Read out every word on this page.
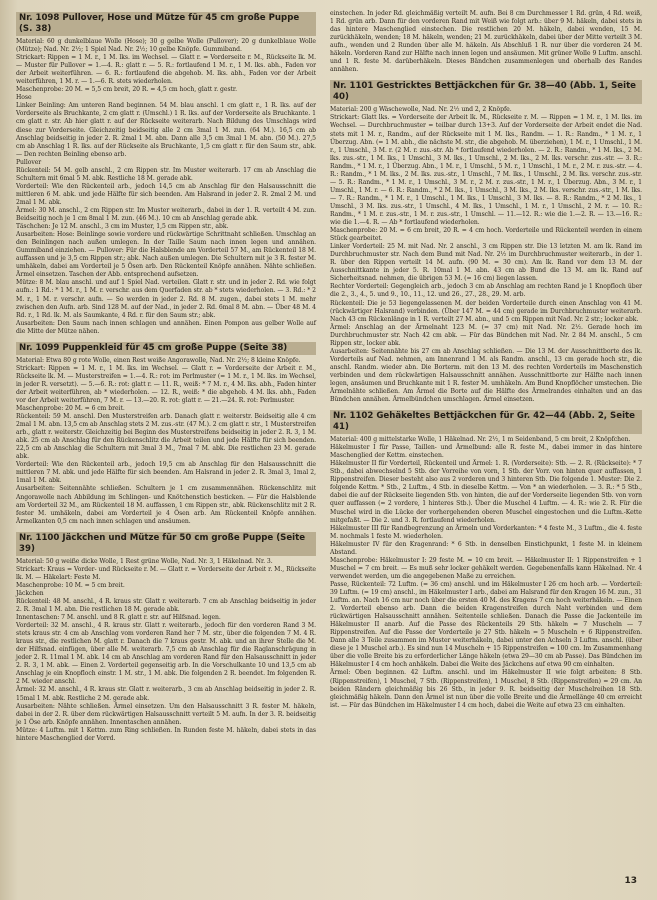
Nr. 1098 Pullover, Hose und Mütze für 45 cm große Puppe (S. 38)

Material: 60 g dunkelblaue Wolle (Hose); 30 g gelbe Wolle (Pullover); 20 g dunkelblaue Wolle (Mütze); Nad. Nr. 2½; 1 Spiel Nad. Nr. 2½; 10 gelbe Knöpfe. Gummiband.

Strickart: Rippen = 1 M. r., 1 M. lks. im Wechsel. — Glatt r. = Vorderseite r. M., Rückseite lk. M. — Muster für Pullover = 1.—4. R.: glatt r. — 5. R.: fortlaufend 1 M. r., 1 M. lks. abh., Faden vor der Arbeit weiterführen. — 6. R.: fortlaufend die abgehob. M. lks. abh., Faden vor der Arbeit weiterführen, 1 M. r. — 1.—6. R. stets wiederholen.

Maschenprobe: 20 M. = 5,5 cm breit, 20 R. = 4,5 cm hoch, glatt r. gestr.

Hose

Linker Beinling: Am unteren Rand beginnen. 54 M. blau anschl. 1 cm glatt r., 1 R. lks. auf der Vorderseite als Bruchkante, 2 cm glatt r. (Umschl.) 1 R. lks. auf der Vorderseite als Bruchkante. 1 cm glatt r. str. Ab hier glatt r. auf der Rückseite weiterarb. Nach Bildung des Umschlags wird diese zur Vorderseite. Gleichzeitig beidseitig alle 2 cm 3mal 1 M. zun. (64 M.). 16,5 cm ab Anschlag beidseitig in jeder 2. R. 2mal 1 M. abn. Dann alle 3,5 cm 3mal 1 M. abn. (50 M.). 27,5 cm ab Anschlag 1 R. lks. auf der Rückseite als Bruchkante, 1,5 cm glatt r. für den Saum str., abk. — Den rechten Beinling ebenso arb.

Pullover

Rückenteil: 54 M. gelb anschl., 2 cm Rippen str. Im Muster weiterarb. 17 cm ab Anschlag die Schultern mit 6mal 5 M. abk. Restliche 18 M. gerade abk.

Vorderteil: Wie den Rückenteil arb., jedoch 14,5 cm ab Anschlag für den Halsausschnitt die mittleren 6 M. abk. und jede Hälfte für sich beenden. Am Halsrand in jeder 2. R. 2mal 2 M. und 2mal 1 M. abk.

Ärmel: 30 M. anschl., 2 cm Rippen str. Im Muster weiterarb., dabei in der 1. R. verteilt 4 M. zun. Beidseitig noch je 1 cm 8mal 1 M. zun. (46 M.). 10 cm ab Anschlag gerade abk.

Täschchen: Je 12 M. anschl., 3 cm im Muster, 1,5 cm Rippen str., abk.

Ausarbeiten: Hose: Beinlinge sowie vordere und rückwärtige Schrittnaht schließen. Umschlag an den Beinlingen nach außen umlegen. In der Taille Saum nach innen legen und annähen. Gummiband einziehen. — Pullover: Für die Halsblende am Vorderteil 57 M., am Rückenteil 18 M. auffassen und je 3,5 cm Rippen str.; abk. Nach außen umlegen. Die Schultern mit je 3 R. fester M. umhäkeln, dabei am Vorderteil je 5 Ösen arb. Den Rückenteil Knöpfe annähen. Nähte schließen. Ärmel einsetzen. Taschen der Abb. entsprechend aufsetzen.

Mütze: 8 M. blau anschl. und auf 1 Spiel Nad. verteilen. Glatt r. str. und in jeder 2. Rd. wie folgt aufn.: 1 Rd.: * 1 M. r., 1 M. r. verschr. aus dem Querfaden str. ab * stets wiederholen. — 3. Rd.: * 2 M. r., 1 M. r. verschr. aufn. — So werden in jeder 2. Rd. 8 M. zugen., dabei stets 1 M. mehr zwischen den Aufn. arb. Sind 128 M. auf der Nad., in jeder 2. Rd. 6mal 8 M. abn. — Über 48 M. 4 Rd. r., 1 Rd. lk. M. als Saumkante, 4 Rd. r. für den Saum str.; abk.

Ausarbeiten: Den Saum nach innen schlagen und annähen. Einen Pompon aus gelber Wolle auf die Mitte der Mütze nähen.

Nr. 1099 Puppenkleid für 45 cm große Puppe (Seite 38)

Material: Etwa 80 g rote Wolle, einen Rest weiße Angorawolle, Nad. Nr. 2½; 8 kleine Knöpfe.

Strickart: Rippen = 1 M. r., 1 M. lks. im Wechsel. — Glatt r. = Vorderseite der Arbeit r. M., Rückseite lk. M. — Musterstreifen = 1.—4. R.: rot: im Perlmuster (= 1 M. r., 1 M. lks. im Wechsel, in jeder R. versetzt). — 5.—6. R.: rot: glatt r. — 11. R., weiß: * 7 M. r., 4 M. lks. abh., Faden hinter der Arbeit weiterführen, ab * wiederholen. — 12. R., weiß: * die abgehob. 4 M. lks. abh., Faden vor der Arbeit weiterführen, 7 M. r. — 13.—20. R. rot: glatt r. — 21.—24. R. rot: Perlmuster.

Maschenprobe: 20 M. = 6 cm breit.

Rückenteil: 59 M. anschl. Den Musterstreifen arb. Danach glatt r. weiterstr. Beidseitig alle 4 cm 2mal 1 M. abn. 13,5 cm ab Anschlag stets 2 M. zus.-str. (47 M.). 2 cm glatt r. str., 1 Musterstreifen arb., glatt r. weiterstr. Gleichzeitig bei Beginn des Musterstreifens beidseitig in jeder 2. R. 3, 1 M. abk. 25 cm ab Anschlag für den Rückenschlitz die Arbeit teilen und jede Hälfte für sich beenden. 22,5 cm ab Anschlag die Schultern mit 3mal 3 M., 7mal 7 M. abk. Die restlichen 23 M. gerade abk.

Vorderteil: Wie den Rückenteil arb., jedoch 19,5 cm ab Anschlag für den Halsausschnitt die mittleren 7 M. abk. und jede Hälfte für sich beenden. Am Halsrand in jeder 2. R. 3mal 3, 1mal 2, 1mal 1 M. abk.

Ausarbeiten: Seitennähte schließen. Schultern je 1 cm zusammennähen. Rückenschlitz mit Angorawolle nach Abbildung im Schlingen- und Knötchenstich besticken. — Für die Halsblende am Vorderteil 32 M., am Rückenteil 18 M. auffassen, 1 cm Rippen str., abk. Rückenschlitz mit 2 R. fester M. umhäkeln, dabei am Vorderteil je 4 Ösen arb. Am Rückenteil Knöpfe annähen. Ärmelkanten 0,5 cm nach innen schlagen und ansäumen.

Nr. 1100 Jäckchen und Mütze für 50 cm große Puppe (Seite 39)

Material: 50 g weiße dicke Wolle, 1 Rest grüne Wolle, Nad. Nr. 3, 1 Häkelnad. Nr. 3.

Strickart: Kraus = Vorder- und Rückseite r. M. — Glatt r. = Vorderseite der Arbeit r. M., Rückseite lk. M. — Häkelart: Feste M.

Maschenprobe: 10 M. = 5 cm breit.

Jäckchen

Rückenteil: 48 M. anschl., 4 R. kraus str. Glatt r. weiterarb. 7 cm ab Anschlag beidseitig in jeder 2. R. 3mal 1 M. abn. Die restlichen 18 M. gerade abk.

Innentaschen: 7 M. anschl. und 8 R. glatt r. str. auf Hilfsnad. legen.

Vorderteil: 32 M. anschl., 4 R. kraus str. Glatt r. weiterarb., jedoch für den vorderen Rand 3 M. stets kraus str. 4 cm ab Anschlag vom vorderen Rand her 7 M. str., über die folgenden 7 M. 4 R. kraus str., die restlichen M. glatt r. Danach die 7 kraus gestr. M. abk. und an ihrer Stelle die M. der Hilfsnad. einfügen, über alle M. weiterarb. 7,5 cm ab Anschlag für die Raglanschrägung in jeder 2. R. 11mal 1 M. abk. 14 cm ab Anschlag am vorderen Rand für den Halsausschnitt in jeder 2. R. 3, 1 M. abk. — Einen 2. Vorderteil gegenseitig arb. In die Vorschulkante 10 und 13,5 cm ab Anschlag je ein Knopfloch einstr. 1 M. str., 1 M. abk. Die folgenden 2 R. beendet. Im folgenden R. 2 M. wieder anschl.

Ärmel: 32 M. anschl., 4 R. kraus str. Glatt r. weiterarb., 3 cm ab Anschlag beidseitig in jeder 2. R. 15mal 1 M. abk. Restliche 2 M. gerade abk.

Ausarbeiten: Nähte schließen. Ärmel einsetzen. Um den Halsausschnitt 3 R. fester M. häkeln, dabei in der 2. R. über dem rückwärtigen Halsausschnitt verteilt 5 M. aufn. In der 3. R. beidseitig je 1 Öse arb. Knöpfe annähen. Innentaschen annähen.

Mütze: 4 Luftm. mit 1 Kettm. zum Ring schließen. In Runden feste M. häkeln, dabei stets in das hintere Maschenglied der Vorrd.

einstechen. In jeder Rd. gleichmäßig verteilt M. aufn. Bei 8 cm Durchmesser 1 Rd. grün, 4 Rd. weiß, 1 Rd. grün arb. Dann für den vorderen Rand mit Weiß wie folgt arb.: über 9 M. häkeln, dabei stets in das hintere Maschenglied einstechen. Die restlichen 20 M. häkeln, dabei wenden, 15 M. zurückhäkeln, wenden; 18 M. häkeln, wenden; 21 M. zurückhäkeln, dabei über der Mitte verteilt 3 M. aufn., wenden und 2 Runden über alle M. häkeln. Als Abschluß 1 R. nur über die vorderen 24 M. häkeln. Vorderen Rand zur Hälfte nach innen legen und ansäumen. Mit grüner Wolle 9 Luftm. anschl. und 1 R. feste M. darüberhäkeln. Dieses Bändchen zusammenlegen und oberhalb des Randes annähen.

Nr. 1101 Gestricktes Bettjäckchen für Gr. 38—40 (Abb. 1, Seite 40)

Material: 200 g Wäschewolle, Nad. Nr. 2½ und 2, 2 Knöpfe.

Strickart: Glatt lks. = Vorderseite der Arbeit lk. M., Rückseite r. M. — Rippen = 1 M. r., 1 M. lks. im Wechsel. — Durchbruchmuster = teilbar durch 13+3. Auf der Vorderseite der Arbeit endet die Nad. stets mit 1 M. r., Randm., auf der Rückseite mit 1 M. lks., Randm. — 1. R.: Randm., * 1 M. r., 1 Überzug. Abn. (= 1 M. abh., die nächste M. str., die abgehob. M. überziehen), 1 M. r., 1 Umschl., 1 M. r., 1 Umschl., 3 M. r. (2 M. r. zus.-str. Ab * fortlaufend wiederholen. — 2. R.: Randm., * 1 M. lks., 2 M. lks. zus.-str., 1 M. lks., 1 Umschl., 3 M. lks., 1 Umschl., 2 M. lks., 2 M. lks. verschr. zus.-str. — 3. R.: Randm., * 1 M. r., 1 Überzug. Abn., 1 M. r., 1 Umschl., 5 M. r., 1 Umschl., 1 M. r., 2 M. r. zus.-str. — 4. R.: Randm., * 1 M. lks., 2 M. lks. zus.-str., 1 Umschl., 7 M. lks., 1 Umschl., 2 M. lks. verschr. zus.-str. — 5. R.: Randm., * 1 M. r., 1 Umschl., 3 M. r., 2 M. r. zus.-str., 1 M. r., 1 Überzug. Abn., 3 M. r., 1 Umschl., 1 M. r. — 6. R.: Randm., * 2 M. lks., 1 Umschl., 3 M. lks., 2 M. lks. verschr. zus.-str., 1 M. lks. — 7. R.: Randm., * 1 M. r., 1 Umschl., 1 M. lks., 1 Umschl., 3 M. lks. — 8. R.: Randm., * 2 M. lks., 1 Umschl., 3 M. lks. zus.-str., 1 Umschl., 4 M. lks., 1 Umschl., 1 M. r., 1 Umschl., 2 M. r. — 10. R.: Randm., * 1 M. r. zus.-str., 1 M. r. zus.-str., 1 Umschl. — 11.—12. R.: wie die 1.—2. R. — 13.—16. R.: wie die 1.—4. R. — Ab * fortlaufend wiederholen.

Maschenprobe: 20 M. = 6 cm breit, 20 R. = 4 cm hoch. Vorderteile und Rückenteil werden in einem Stück gearbeitet.

Linker Vorderteil: 25 M. mit Nad. Nr. 2 anschl., 3 cm Rippen str. Die 13 letzten M. am lk. Rand im Durchbruchmuster str. Nach dem Bund mit Nad. Nr. 2½ im Durchbruchmuster weiterarb., in der 1. R. über den Rippen verteilt 14 M. aufn. (90 M. = 30 cm). Am lk. Rand vor dem 13 M. der Ausschnittkante in jeder 5. R. 10mal 1 M. abn. 43 cm ab Bund die 13 M. am lk. Rand auf Sicherheitsnad. nehmen, die übrigen 53 M. (= 16 cm) liegen lassen.

Rechter Vorderteil: Gegengleich arb., jedoch 3 cm ab Anschlag am rechten Rand je 1 Knopfloch über die 2., 3., 4., 5. und 9., 10., 11., 12. und 26., 27., 28., 29. M. arb.

Rückenteil: Die je 53 liegengelassenen M. der beiden Vorderteile durch einen Anschlag von 41 M. (rückwärtiger Halsrand) verbinden. (Über 147 M. = 44 cm) gerade im Durchbruchmuster weiterarb. Nach 43 cm Rückenlänge in 1 R. verteilt 27 M. abn., und 5 cm Rippen mit Nad. Nr. 2 str.; locker abk.

Ärmel: Anschlag an der Ärmelnaht 123 M. (= 37 cm) mit Nad. Nr. 2½. Gerade hoch im Durchbruchmuster str. Nach 42 cm abk. — Für das Bündchen mit Nad. Nr. 2 84 M. anschl., 5 cm Rippen str., locker abk.

Ausarbeiten: Seitennähte bis 27 cm ab Anschlag schließen. — Die 13 M. der Ausschnittborte des lk. Vorderteils auf Nad. nehmen, am Innenrand 1 M. als Randm. anschl., 13 cm gerade hoch str., die anschl. Randm. wieder abn. Die Borterm. mit den 13 M. des rechten Vorderteils im Maschenstich verbinden und dem rückwärtigen Halsausschnitt annähen. Ausschnittborte zur Hälfte nach innen legen, ansäumen und Bruchkante mit 1 R. fester M. umhäkeln. Am Bund Knopflöcher umstechen. Die Ärmelnähte schließen. Am Ärmel die Borte auf die Hälfte des Ärmelrandes einhalten und an das Bündchen annähen. Ärmelbündchen umschlagen. Ärmel einsetzen.

Nr. 1102 Gehäkeltes Bettjäckchen für Gr. 42—44 (Abb. 2, Seite 41)

Material: 400 g mittelstarke Wolle, 1 Häkelnad. Nr. 2½, 1 m Seidenband, 5 cm breit, 2 Knöpfchen.

Häkelmuster I für Passe, Taillen- und Ärmelbund: alle R. feste M., dabei immer in das hintere Maschenglied der Kettm. einstechen.

Häkelmuster II für Vorderteil, Rückenteil und Ärmel: 1. R. (Vorderseite): Stb. — 2. R. (Rückseite): * 7 Stb., dabei abwechselnd 5 Stb. der Vorreihe von vorn, 1 Stb. der Vorr. von hinten quer auffassen, 1 Rippenstreifen. Dieser besteht also aus 2 vorderen und 3 hinteren Stb. Die folgende 1. Muster: Die 2. folgende Kettm. * Stb., 2 Luftm., 4 Stb. in dieselbe Kettm. — Von * an wiederholen. — 3. R.: * 5 Stb., dabei die auf der Rückseite liegenden Stb. von hinten, die auf der Vorderseite liegenden Stb. von vorn quer auffassen (= 2 vordere, 1 hinteres Stb.). Über die Muschel 4 Luftm. — 4. R.: wie 2. R. Für die Muschel wird in die Lücke der vorhergehenden oberen Muschel eingestochen und die Luftm.-Kette mitgefaßt. — Die 2. und 3. R. fortlaufend wiederholen.

Häkelmuster III für Randbegrenzung an Ärmeln und Vorderkanten: * 4 feste M., 3 Luftm., die 4. feste M. nochmals 1 feste M. wiederholen.

Häkelmuster IV für den Kragenrand: * 6 Stb. in denselben Einstichpunkt, 1 feste M. in kleinem Abstand.

Maschenprobe: Häkelmuster I: 29 feste M. = 10 cm breit. — Häkelmuster II: 1 Rippenstreifen + 1 Muschel = 7 cm breit. — Es muß sehr locker gehäkelt werden. Gegebenenfalls kann Häkelnad. Nr. 4 verwendet werden, um die angegebenen Maße zu erreichen.

Passe, Rückenteil: 72 Luftm. (= 36 cm) anschl. und im Häkelmuster I 26 cm hoch arb. — Vorderteil: 39 Luftm. (= 19 cm) anschl., im Häkelmuster I arb., dabei am Halsrand für den Kragen 16 M. zun., 31 Luftm. an. Nach 16 cm nur noch über die ersten 40 M. des Kragens 7 cm hoch weiterhäkeln. — Einen 2. Vorderteil ebenso arb. Dann die beiden Kragenstreifen durch Naht verbinden und dem rückwärtigen Halsausschnitt annähen. Seitenteile schließen. Danach die Passe die Jackenteile im Häkelmuster II anarb. Auf die Passe des Rückenteils 29 Stb. häkeln = 7 Muscheln — 7 Rippenstreifen. Auf die Passe der Vorderteile je 27 Stb. häkeln = 5 Muscheln + 6 Rippenstreifen. Dann alle 3 Teile zusammen im Muster weiterhäkeln, dabei unter den Achseln 3 Luftm. anschl. (über diese je 1 Muschel arb.). Es sind nun 14 Muscheln + 15 Rippenstreifen = 100 cm. Im Zusammenhang über die volle Breite bis zu erforderlicher Länge häkeln (etwa 29—30 cm ab Passe). Das Bündchen im Häkelmuster I 4 cm hoch anhäkeln. Dabei die Weite des Jäckchens auf etwa 90 cm einhalten.

Ärmel: Oben beginnen. 42 Luftm. anschl. und im Häkelmuster II wie folgt arbeiten: 8 Stb. (Rippenstreifen), 1 Muschel, 7 Stb. (Rippenstreifen), 1 Muschel, 8 Stb. (Rippenstreifen) = 29 cm. An beiden Rändern gleichmäßig bis 26 Stb., in jeder 9. R. beidseitig der Muschelreihen 18 Stb. gleichmäßig häkeln. Dann den Ärmel ist nun über die volle Breite und die Ärmellänge 40 cm erreicht ist. — Für das Bündchen im Häkelmuster I 4 cm hoch, dabei die Weite auf etwa 23 cm einhalten.

13
